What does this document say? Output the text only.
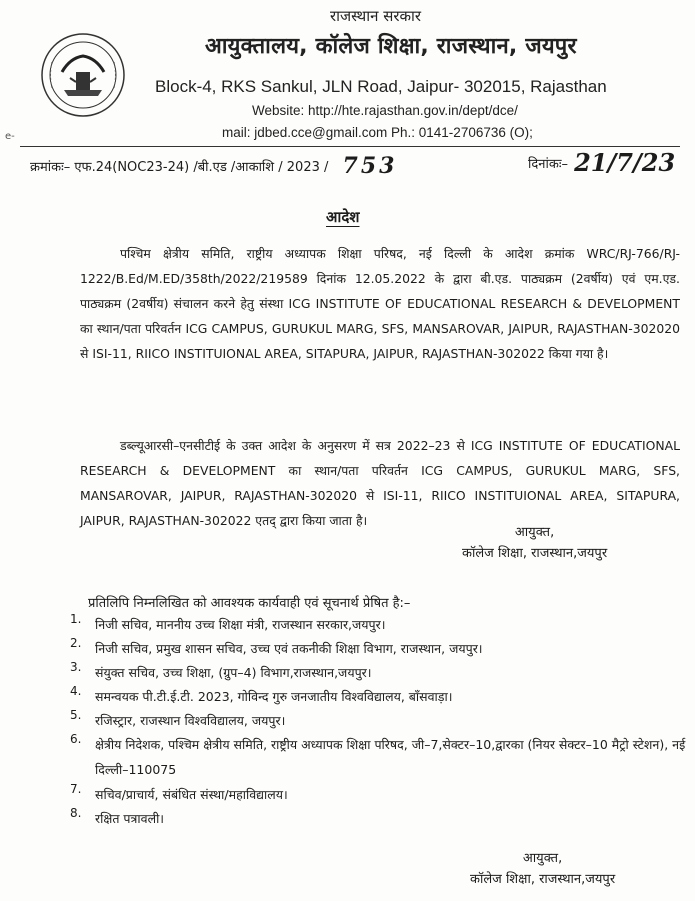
राजस्थान सरकार
आयुक्तालय, कॉलेज शिक्षा, राजस्थान, जयपुर
Block-4, RKS Sankul, JLN Road, Jaipur- 302015, Rajasthan
Website: http://hte.rajasthan.gov.in/dept/dce/
mail: jdbed.cce@gmail.com Ph.: 0141-2706736 (O);
e-
क्रमांकः– एफ.24(NOC23-24) /बी.एड /आकाशि / 2023 / 753	दिनांकः– 21/7/23
आदेश
पश्चिम क्षेत्रीय समिति, राष्ट्रीय अध्यापक शिक्षा परिषद, नई दिल्ली के आदेश क्रमांक WRC/RJ-766/RJ-1222/B.Ed/M.ED/358th/2022/219589 दिनांक 12.05.2022 के द्वारा बी.एड. पाठ्यक्रम (2वर्षीय) एवं एम.एड. पाठ्यक्रम (2वर्षीय) संचालन करने हेतु संस्था ICG INSTITUTE OF EDUCATIONAL RESEARCH & DEVELOPMENT का स्थान/पता परिवर्तन ICG CAMPUS, GURUKUL MARG, SFS, MANSAROVAR, JAIPUR, RAJASTHAN-302020 से ISI-11, RIICO INSTITUIONAL AREA, SITAPURA, JAIPUR, RAJASTHAN-302022 किया गया है।
डब्ल्यूआरसी–एनसीटीई के उक्त आदेश के अनुसरण में सत्र 2022–23 से ICG INSTITUTE OF EDUCATIONAL RESEARCH & DEVELOPMENT का स्थान/पता परिवर्तन ICG CAMPUS, GURUKUL MARG, SFS, MANSAROVAR, JAIPUR, RAJASTHAN-302020 से ISI-11, RIICO INSTITUIONAL AREA, SITAPURA, JAIPUR, RAJASTHAN-302022 एतद् द्वारा किया जाता है।
आयुक्त,
कॉलेज शिक्षा, राजस्थान,जयपुर
प्रतिलिपि निम्नलिखित को आवश्यक कार्यवाही एवं सूचनार्थ प्रेषित है:–
1. निजी सचिव, माननीय उच्च शिक्षा मंत्री, राजस्थान सरकार,जयपुर।
2. निजी सचिव, प्रमुख शासन सचिव, उच्च एवं तकनीकी शिक्षा विभाग, राजस्थान, जयपुर।
3. संयुक्त सचिव, उच्च शिक्षा, (ग्रुप–4) विभाग,राजस्थान,जयपुर।
4. समन्वयक पी.टी.ई.टी. 2023, गोविन्द गुरु जनजातीय विश्वविद्यालय, बाँसवाड़ा।
5. रजिस्ट्रार, राजस्थान विश्वविद्यालय, जयपुर।
6. क्षेत्रीय निदेशक, पश्चिम क्षेत्रीय समिति, राष्ट्रीय अध्यापक शिक्षा परिषद, जी–7,सेक्टर–10,द्वारका (नियर सेक्टर–10 मैट्रो स्टेशन), नई दिल्ली–110075
7. सचिव/प्राचार्य, संबंधित संस्था/महाविद्यालय।
8. रक्षित पत्रावली।
आयुक्त,
कॉलेज शिक्षा, राजस्थान,जयपुर
